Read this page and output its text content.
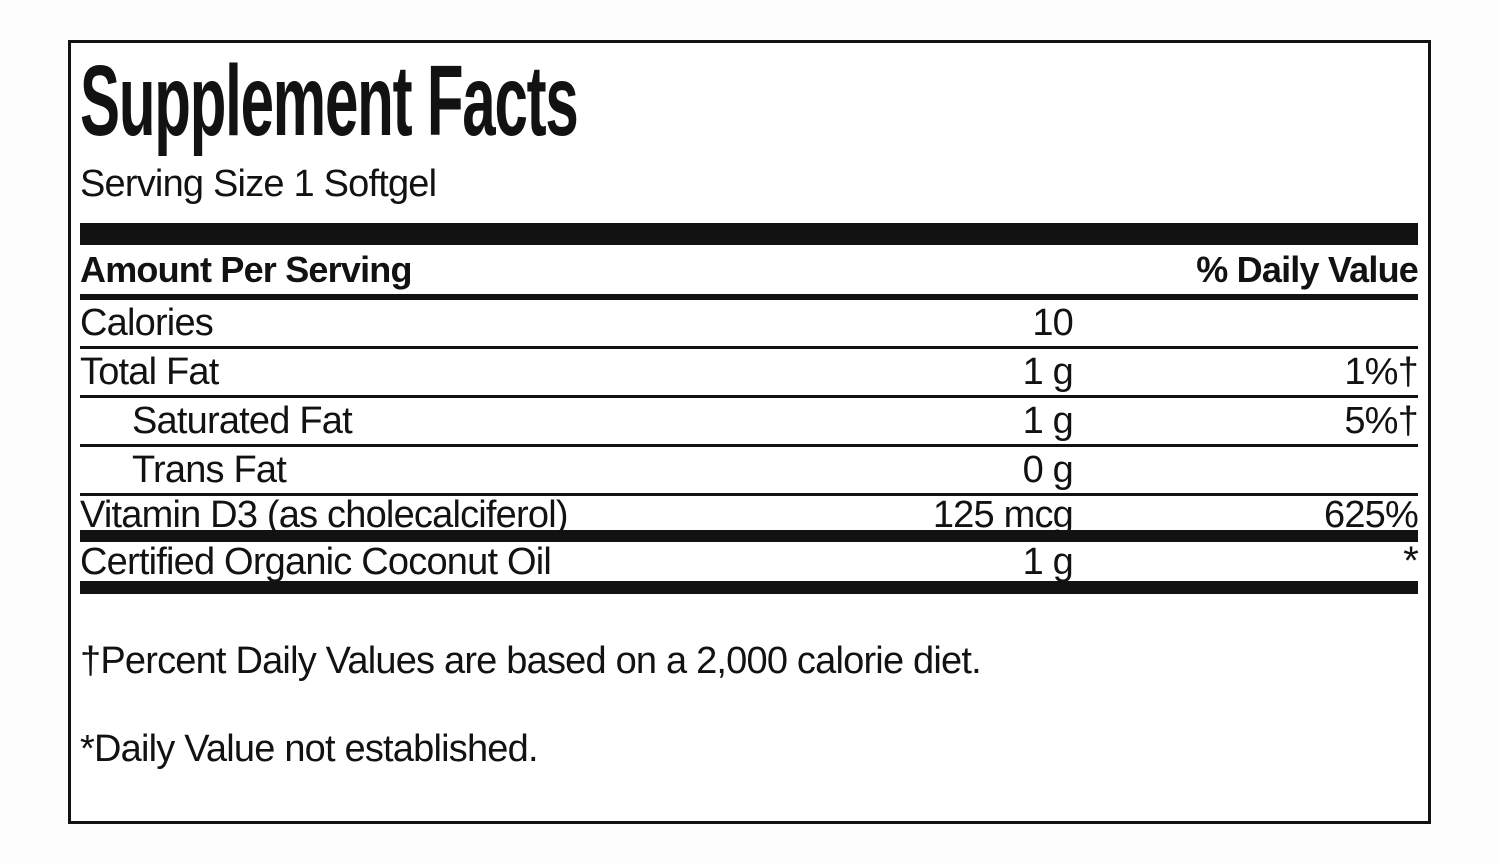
Supplement Facts
Serving Size 1 Softgel
Amount Per Serving	% Daily Value
Calories	10
Total Fat	1 g	1%†
Saturated Fat	1 g	5%†
Trans Fat	0 g
Vitamin D3 (as cholecalciferol)	125 mcg	625%
Certified Organic Coconut Oil	1 g	*
†Percent Daily Values are based on a 2,000 calorie diet.
*Daily Value not established.
